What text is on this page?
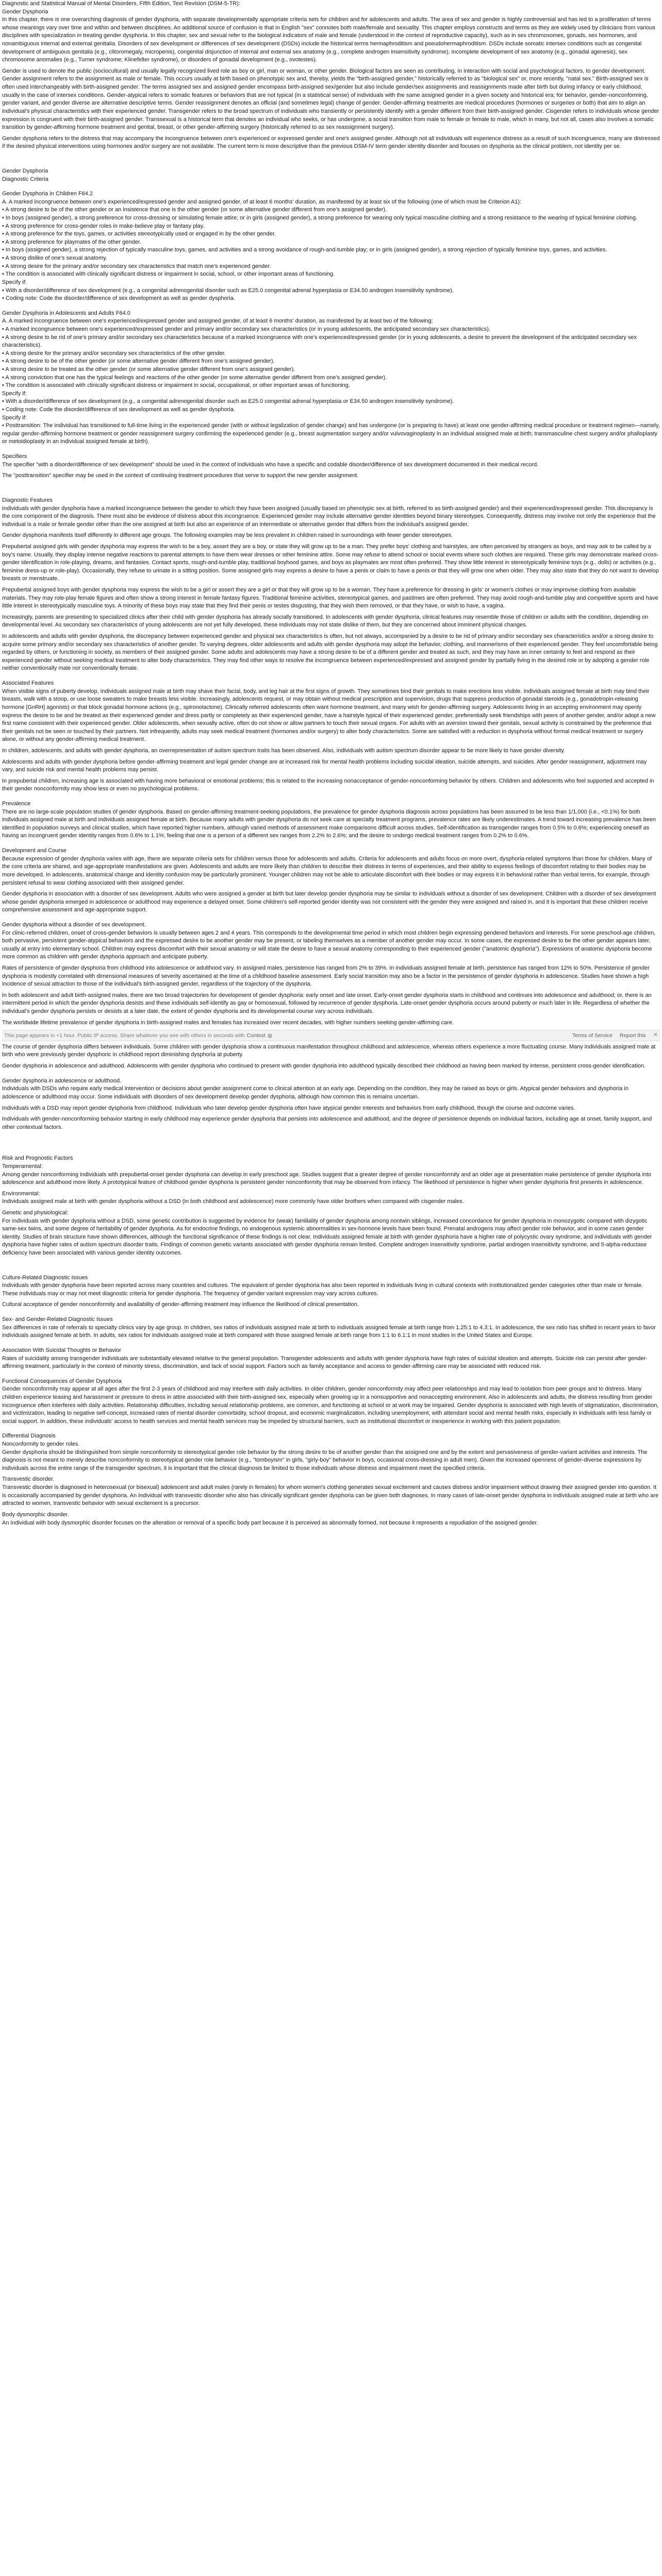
Diagnostic and Statistical Manual of Mental Disorders, Fifth Edition, Text Revision (DSM-5-TR):

Gender Dysphoria

In this chapter, there is one overarching diagnosis of gender dysphoria, with separate developmentally appropriate criteria sets for children and for adolescents and adults. The area of sex and gender is highly controversial and has led to a proliferation of terms whose meanings vary over time and within and between disciplines. An additional source of confusion is that in English "sex" connotes both male/female and sexuality. This chapter employs constructs and terms as they are widely used by clinicians from various disciplines with specialization in treating gender dysphoria. In this chapter, sex and sexual refer to the biological indicators of male and female (understood in the context of reproductive capacity), such as in sex chromosomes, gonads, sex hormones, and nonambiguous internal and external genitalia. Disorders of sex development or differences of sex development (DSDs) include the historical terms hermaphroditism and pseudohermaphroditism. DSDs include somatic intersex conditions such as congenital development of ambiguous genitalia (e.g., clitoromegaly, micropenis), congenital disjunction of internal and external sex anatomy (e.g., complete androgen insensitivity syndrome), incomplete development of sex anatomy (e.g., gonadal agenesis), sex chromosome anomalies (e.g., Turner syndrome; Klinefelter syndrome), or disorders of gonadal development (e.g., ovotestes).

Gender is used to denote the public (sociocultural) and usually legally recognized lived role as boy or girl, man or woman, or other gender. Biological factors are seen as contributing, in interaction with social and psychological factors, to gender development. Gender assignment refers to the assignment as male or female. This occurs usually at birth based on phenotypic sex and, thereby, yields the "birth-assigned gender," historically referred to as "biological sex" or, more recently, "natal sex." Birth-assigned sex is often used interchangeably with birth-assigned gender. The terms assigned sex and assigned gender encompass birth-assigned sex/gender but also include gender/sex assignments and reassignments made after birth but during infancy or early childhood, usually in the case of intersex conditions. Gender-atypical refers to somatic features or behaviors that are not typical (in a statistical sense) of individuals with the same assigned gender in a given society and historical era; for behavior, gender-nonconforming, gender variant, and gender diverse are alternative descriptive terms. Gender reassignment denotes an official (and sometimes legal) change of gender. Gender-affirming treatments are medical procedures (hormones or surgeries or both) that aim to align an individual's physical characteristics with their experienced gender. Transgender refers to the broad spectrum of individuals who transiently or persistently identify with a gender different from their birth-assigned gender. Cisgender refers to individuals whose gender expression is congruent with their birth-assigned gender. Transsexual is a historical term that denotes an individual who seeks, or has undergone, a social transition from male to female or female to male, which in many, but not all, cases also involves a somatic transition by gender-affirming hormone treatment and genital, breast, or other gender-affirming surgery (historically referred to as sex reassignment surgery).

Gender dysphoria refers to the distress that may accompany the incongruence between one's experienced or expressed gender and one's assigned gender. Although not all individuals will experience distress as a result of such incongruence, many are distressed if the desired physical interventions using hormones and/or surgery are not available. The current term is more descriptive than the previous DSM-IV term gender identity disorder and focuses on dysphoria as the clinical problem, not identity per se.

Gender Dysphoria

Diagnostic Criteria

Gender Dysphoria in Children F64.2

A. A marked incongruence between one's experienced/expressed gender and assigned gender, of at least 6 months' duration, as manifested by at least six of the following (one of which must be Criterion A1):
• A strong desire to be of the other gender or an insistence that one is the other gender (or some alternative gender different from one's assigned gender).
• In boys (assigned gender), a strong preference for cross-dressing or simulating female attire; or in girls (assigned gender), a strong preference for wearing only typical masculine clothing and a strong resistance to the wearing of typical feminine clothing.
• A strong preference for cross-gender roles in make-believe play or fantasy play.
• A strong preference for the toys, games, or activities stereotypically used or engaged in by the other gender.
• A strong preference for playmates of the other gender.
• In boys (assigned gender), a strong rejection of typically masculine toys, games, and activities and a strong avoidance of rough-and-tumble play; or in girls (assigned gender), a strong rejection of typically feminine toys, games, and activities.
• A strong dislike of one's sexual anatomy.
• A strong desire for the primary and/or secondary sex characteristics that match one's experienced gender.
• The condition is associated with clinically significant distress or impairment in social, school, or other important areas of functioning.
Specify if:
• With a disorder/difference of sex development (e.g., a congenital adrenogenital disorder such as E25.0 congenital adrenal hyperplasia or E34.50 androgen insensitivity syndrome).
• Coding note: Code the disorder/difference of sex development as well as gender dysphoria.

Gender Dysphoria in Adolescents and Adults F64.0

A. A marked incongruence between one's experienced/expressed gender and assigned gender, of at least 6 months' duration, as manifested by at least two of the following:
• A marked incongruence between one's experienced/expressed gender and primary and/or secondary sex characteristics (or in young adolescents, the anticipated secondary sex characteristics).
• A strong desire to be rid of one's primary and/or secondary sex characteristics because of a marked incongruence with one's experienced/expressed gender (or in young adolescents, a desire to prevent the development of the anticipated secondary sex characteristics).
• A strong desire for the primary and/or secondary sex characteristics of the other gender.
• A strong desire to be of the other gender (or some alternative gender different from one's assigned gender).
• A strong desire to be treated as the other gender (or some alternative gender different from one's assigned gender).
• A strong conviction that one has the typical feelings and reactions of the other gender (or some alternative gender different from one's assigned gender).
• The condition is associated with clinically significant distress or impairment in social, occupational, or other important areas of functioning.
Specify if:
• With a disorder/difference of sex development (e.g., a congenital adrenogenital disorder such as E25.0 congenital adrenal hyperplasia or E34.50 androgen insensitivity syndrome).
• Coding note: Code the disorder/difference of sex development as well as gender dysphoria.
Specify if:
• Posttransition: The individual has transitioned to full-time living in the experienced gender (with or without legalization of gender change) and has undergone (or is preparing to have) at least one gender-affirming medical procedure or treatment regimen—namely, regular gender-affirming hormone treatment or gender reassignment surgery confirming the experienced gender (e.g., breast augmentation surgery and/or vulvovaginoplasty in an individual assigned male at birth; transmasculine chest surgery and/or phalloplasty or metoidioplasty in an individual assigned female at birth).

Specifiers

The specifier "with a disorder/difference of sex development" should be used in the context of individuals who have a specific and codable disorder/difference of sex development documented in their medical record.

The "posttransition" specifier may be used in the context of continuing treatment procedures that serve to support the new gender assignment.

Diagnostic Features

Individuals with gender dysphoria have a marked incongruence between the gender to which they have been assigned (usually based on phenotypic sex at birth, referred to as birth-assigned gender) and their experienced/expressed gender. This discrepancy is the core component of the diagnosis. There must also be evidence of distress about this incongruence. Experienced gender may include alternative gender identities beyond binary stereotypes. Consequently, distress may involve not only the experience that the individual is a male or female gender other than the one assigned at birth but also an experience of an intermediate or alternative gender that differs from the individual's assigned gender.

Gender dysphoria manifests itself differently in different age groups. The following examples may be less prevalent in children raised in surroundings with fewer gender stereotypes.

Prepubertal assigned girls with gender dysphoria may express the wish to be a boy, assert they are a boy, or state they will grow up to be a man. They prefer boys' clothing and hairstyles, are often perceived by strangers as boys, and may ask to be called by a boy's name. Usually, they display intense negative reactions to parental attempts to have them wear dresses or other feminine attire. Some may refuse to attend school or social events where such clothes are required. These girls may demonstrate marked cross-gender identification in role-playing, dreams, and fantasies. Contact sports, rough-and-tumble play, traditional boyhood games, and boys as playmates are most often preferred. They show little interest in stereotypically feminine toys (e.g., dolls) or activities (e.g., feminine dress-up or role-play). Occasionally, they refuse to urinate in a sitting position. Some assigned girls may express a desire to have a penis or claim to have a penis or that they will grow one when older. They may also state that they do not want to develop breasts or menstruate.

Prepubertal assigned boys with gender dysphoria may express the wish to be a girl or assert they are a girl or that they will grow up to be a woman. They have a preference for dressing in girls' or women's clothes or may improvise clothing from available materials. They may role-play female figures and often show a strong interest in female fantasy figures. Traditional feminine activities, stereotypical games, and pastimes are often preferred. They may avoid rough-and-tumble play and competitive sports and have little interest in stereotypically masculine toys. A minority of these boys may state that they find their penis or testes disgusting, that they wish them removed, or that they have, or wish to have, a vagina.

Increasingly, parents are presenting to specialized clinics after their child with gender dysphoria has already socially transitioned. In adolescents with gender dysphoria, clinical features may resemble those of children or adults with the condition, depending on developmental level. As secondary sex characteristics of young adolescents are not yet fully developed, these individuals may not state dislike of them, but they are concerned about imminent physical changes.

In adolescents and adults with gender dysphoria, the discrepancy between experienced gender and physical sex characteristics is often, but not always, accompanied by a desire to be rid of primary and/or secondary sex characteristics and/or a strong desire to acquire some primary and/or secondary sex characteristics of another gender. To varying degrees, older adolescents and adults with gender dysphoria may adopt the behavior, clothing, and mannerisms of their experienced gender. They feel uncomfortable being regarded by others, or functioning in society, as members of their assigned gender. Some adults and adolescents may have a strong desire to be of a different gender and treated as such, and they may have an inner certainty to feel and respond as their experienced gender without seeking medical treatment to alter body characteristics. They may find other ways to resolve the incongruence between experienced/expressed and assigned gender by partially living in the desired role or by adopting a gender role neither conventionally male nor conventionally female.

Associated Features

When visible signs of puberty develop, individuals assigned male at birth may shave their facial, body, and leg hair at the first signs of growth. They sometimes bind their genitals to make erections less visible. Individuals assigned female at birth may bind their breasts, walk with a stoop, or use loose sweaters to make breasts less visible. Increasingly, adolescents request, or may obtain without medical prescription and supervision, drugs that suppress production of gonadal steroids (e.g., gonadotropin-releasing hormone [GnRH] agonists) or that block gonadal hormone actions (e.g., spironolactone). Clinically referred adolescents often want hormone treatment, and many wish for gender-affirming surgery. Adolescents living in an accepting environment may openly express the desire to be and be treated as their experienced gender and dress partly or completely as their experienced gender, have a hairstyle typical of their experienced gender, preferentially seek friendships with peers of another gender, and/or adopt a new first name consistent with their experienced gender. Older adolescents, when sexually active, often do not show or allow partners to touch their sexual organs. For adults with an aversion toward their genitals, sexual activity is constrained by the preference that their genitals not be seen or touched by their partners. Not infrequently, adults may seek medical treatment (hormones and/or surgery) to alter body characteristics. Some are satisfied with a reduction in dysphoria without formal medical treatment or surgery alone, or without any gender-affirming medical treatment.

In children, adolescents, and adults with gender dysphoria, an overrepresentation of autism spectrum traits has been observed. Also, individuals with autism spectrum disorder appear to be more likely to have gender diversity.

Adolescents and adults with gender dysphoria before gender-affirming treatment and legal gender change are at increased risk for mental health problems including suicidal ideation, suicide attempts, and suicides. After gender reassignment, adjustment may vary, and suicide risk and mental health problems may persist.

In prepubertal children, increasing age is associated with having more behavioral or emotional problems; this is related to the increasing nonacceptance of gender-nonconforming behavior by others. Children and adolescents who feel supported and accepted in their gender nonconformity may show less or even no psychological problems.

Prevalence

There are no large-scale population studies of gender dysphoria. Based on gender-affirming treatment-seeking populations, the prevalence for gender dysphoria diagnosis across populations has been assumed to be less than 1/1,000 (i.e., <0.1%) for both individuals assigned male at birth and individuals assigned female at birth. Because many adults with gender dysphoria do not seek care at specialty treatment programs, prevalence rates are likely underestimates. A trend toward increasing prevalence has been identified in population surveys and clinical studies, which have reported higher numbers, although varied methods of assessment make comparisons difficult across studies. Self-identification as transgender ranges from 0.5% to 0.6%; experiencing oneself as having an incongruent gender identity ranges from 0.6% to 1.1%; feeling that one is a person of a different sex ranges from 2.2% to 2.6%; and the desire to undergo medical treatment ranges from 0.2% to 0.6%.

Development and Course

Because expression of gender dysphoria varies with age, there are separate criteria sets for children versus those for adolescents and adults. Criteria for adolescents and adults focus on more overt, dysphoria-related symptoms than those for children. Many of the core criteria are shared, and age-appropriate manifestations are given. Adolescents and adults are more likely than children to describe their distress in terms of experiences, and their ability to express feelings of discomfort relating to their bodies may be more developed. In adolescents, anatomical change and identity confusion may be particularly prominent. Younger children may not be able to articulate discomfort with their bodies or may express it in behavioral rather than verbal terms, for example, through persistent refusal to wear clothing associated with their assigned gender.

Gender dysphoria in association with a disorder of sex development. Adults who were assigned a gender at birth but later develop gender dysphoria may be similar to individuals without a disorder of sex development. Children with a disorder of sex development whose gender dysphoria emerged in adolescence or adulthood may experience a delayed onset. Some children's self-reported gender identity was not consistent with the gender they were assigned and raised in, and it is important that these children receive comprehensive assessment and age-appropriate support.

Gender dysphoria without a disorder of sex development.

For clinic-referred children, onset of cross-gender behaviors is usually between ages 2 and 4 years. This corresponds to the developmental time period in which most children begin expressing gendered behaviors and interests. For some preschool-age children, both pervasive, persistent gender-atypical behaviors and the expressed desire to be another gender may be present, or labeling themselves as a member of another gender may occur. In some cases, the expressed desire to be the other gender appears later, usually at entry into elementary school. Children may express discomfort with their sexual anatomy or will state the desire to have a sexual anatomy corresponding to their experienced gender ("anatomic dysphoria"). Expressions of anatomic dysphoria become more common as children with gender dysphoria approach and anticipate puberty.

Rates of persistence of gender dysphoria from childhood into adolescence or adulthood vary. In assigned males, persistence has ranged from 2% to 39%. In individuals assigned female at birth, persistence has ranged from 12% to 50%. Persistence of gender dysphoria is modestly correlated with dimensional measures of severity ascertained at the time of a childhood baseline assessment. Early social transition may also be a factor in the persistence of gender dysphoria in adolescence. Studies have shown a high incidence of sexual attraction to those of the individual's birth-assigned gender, regardless of the trajectory of the dysphoria.

In both adolescent and adult birth-assigned males, there are two broad trajectories for development of gender dysphoria: early onset and late onset. Early-onset gender dysphoria starts in childhood and continues into adolescence and adulthood; or, there is an intermittent period in which the gender dysphoria desists and these individuals self-identify as gay or homosexual, followed by recurrence of gender dysphoria. Late-onset gender dysphoria occurs around puberty or much later in life. Regardless of whether the individual's gender dysphoria persists or desists at a later date, the extent of gender dysphoria and its developmental course vary across individuals.

The worldwide lifetime prevalence of gender dysphoria in birth-assigned males and females has increased over recent decades, with higher numbers seeking gender-affirming care.

This page appears in +1 hour. Public IP access. Share whatever you see with others in seconds with Contest	i	Terms of Service Report this ✕

The course of gender dysphoria differs between individuals. Some children with gender dysphoria show a continuous manifestation throughout childhood and adolescence, whereas others experience a more fluctuating course. Many individuals assigned male at birth who were previously gender dysphoric in childhood report diminishing dysphoria at puberty.

Gender dysphoria in adolescence and adulthood. Adolescents with gender dysphoria who continued to present with gender dysphoria into adulthood typically described their childhood as having been marked by intense, persistent cross-gender identification.

Gender dysphoria in adolescence or adulthood.

Individuals with DSDs who require early medical intervention or decisions about gender assignment come to clinical attention at an early age. Depending on the condition, they may be raised as boys or girls. Atypical gender behaviors and dysphoria in adolescence or adulthood may occur. Some individuals with disorders of sex development develop gender dysphoria, although how common this is remains uncertain.

Individuals with a DSD may report gender dysphoria from childhood. Individuals who later develop gender dysphoria often have atypical gender interests and behaviors from early childhood, though the course and outcome varies.

Individuals with gender-nonconforming behavior starting in early childhood may experience gender dysphoria that persists into adolescence and adulthood, and the degree of persistence depends on individual factors, including age at onset, family support, and other contextual factors.

Risk and Prognostic Factors

Temperamental:

Among gender nonconforming individuals with prepubertal-onset gender dysphoria can develop in early preschool age. Studies suggest that a greater degree of gender nonconformity and an older age at presentation make persistence of gender dysphoria into adolescence and adulthood more likely. A prototypical feature of childhood gender dysphoria is persistent gender nonconformity that may be observed from infancy. The likelihood of persistence is higher when gender dysphoria first presents in adolescence.

Environmental:

Individuals assigned male at birth with gender dysphoria without a DSD (in both childhood and adolescence) more commonly have older brothers when compared with cisgender males.

Genetic and physiological:

For individuals with gender dysphoria without a DSD, some genetic contribution is suggested by evidence for (weak) familiality of gender dysphoria among nontwin siblings, increased concordance for gender dysphoria in monozygotic compared with dizygotic same-sex twins, and some degree of heritability of gender dysphoria. As for endocrine findings, no endogenous systemic abnormalities in sex-hormone levels have been found. Prenatal androgens may affect gender role behavior, and in some cases gender identity. Studies of brain structure have shown differences, although the functional significance of these findings is not clear. Individuals assigned female at birth with gender dysphoria have a higher rate of polycystic ovary syndrome, and individuals with gender dysphoria have higher rates of autism spectrum disorder traits. Findings of common genetic variants associated with gender dysphoria remain limited. Complete androgen insensitivity syndrome, partial androgen insensitivity syndrome, and 5-alpha-reductase deficiency have been associated with various gender identity outcomes.

Culture-Related Diagnostic Issues

Individuals with gender dysphoria have been reported across many countries and cultures. The equivalent of gender dysphoria has also been reported in individuals living in cultural contexts with institutionalized gender categories other than male or female. These individuals may or may not meet diagnostic criteria for gender dysphoria. The frequency of gender variant expression may vary across cultures.

Cultural acceptance of gender nonconformity and availability of gender-affirming treatment may influence the likelihood of clinical presentation.

Sex- and Gender-Related Diagnostic Issues

Sex differences in rate of referrals to specialty clinics vary by age group. In children, sex ratios of individuals assigned male at birth to individuals assigned female at birth range from 1.25:1 to 4.3:1. In adolescence, the sex ratio has shifted in recent years to favor individuals assigned female at birth. In adults, sex ratios for individuals assigned male at birth compared with those assigned female at birth range from 1:1 to 6.1:1 in most studies in the United States and Europe.

Association With Suicidal Thoughts or Behavior

Rates of suicidality among transgender individuals are substantially elevated relative to the general population. Transgender adolescents and adults with gender dysphoria have high rates of suicidal ideation and attempts. Suicide risk can persist after gender-affirming treatment, particularly in the context of minority stress, discrimination, and lack of social support. Factors such as family acceptance and access to gender-affirming care may be associated with reduced risk.

Functional Consequences of Gender Dysphoria

Gender nonconformity may appear at all ages after the first 2-3 years of childhood and may interfere with daily activities. In older children, gender nonconformity may affect peer relationships and may lead to isolation from peer groups and to distress. Many children experience teasing and harassment or pressure to dress in attire associated with their birth-assigned sex, especially when growing up in a nonsupportive and nonaccepting environment. Also in adolescents and adults, the distress resulting from gender incongruence often interferes with daily activities. Relationship difficulties, including sexual relationship problems, are common, and functioning at school or at work may be impaired. Gender dysphoria is associated with high levels of stigmatization, discrimination, and victimization, leading to negative self-concept, increased rates of mental disorder comorbidity, school dropout, and economic marginalization, including unemployment, with attendant social and mental health risks, especially in individuals with less family or social support. In addition, these individuals' access to health services and mental health services may be impeded by structural barriers, such as institutional discomfort or inexperience in working with this patient population.

Differential Diagnosis

Nonconformity to gender roles.

Gender dysphoria should be distinguished from simple nonconformity to stereotypical gender role behavior by the strong desire to be of another gender than the assigned one and by the extent and pervasiveness of gender-variant activities and interests. The diagnosis is not meant to merely describe nonconformity to stereotypical gender role behavior (e.g., "tomboyism" in girls, "girly-boy" behavior in boys, occasional cross-dressing in adult men). Given the increased openness of gender-diverse expressions by individuals across the entire range of the transgender spectrum, it is important that the clinical diagnosis be limited to those individuals whose distress and impairment meet the specified criteria.

Transvestic disorder.

Transvestic disorder is diagnosed in heterosexual (or bisexual) adolescent and adult males (rarely in females) for whom women's clothing generates sexual excitement and causes distress and/or impairment without drawing their assigned gender into question. It is occasionally accompanied by gender dysphoria. An individual with transvestic disorder who also has clinically significant gender dysphoria can be given both diagnoses. In many cases of late-onset gender dysphoria in individuals assigned male at birth who are attracted to women, transvestic behavior with sexual excitement is a precursor.

Body dysmorphic disorder.

An individual with body dysmorphic disorder focuses on the alteration or removal of a specific body part because it is perceived as abnormally formed, not because it represents a repudiation of the assigned gender.
